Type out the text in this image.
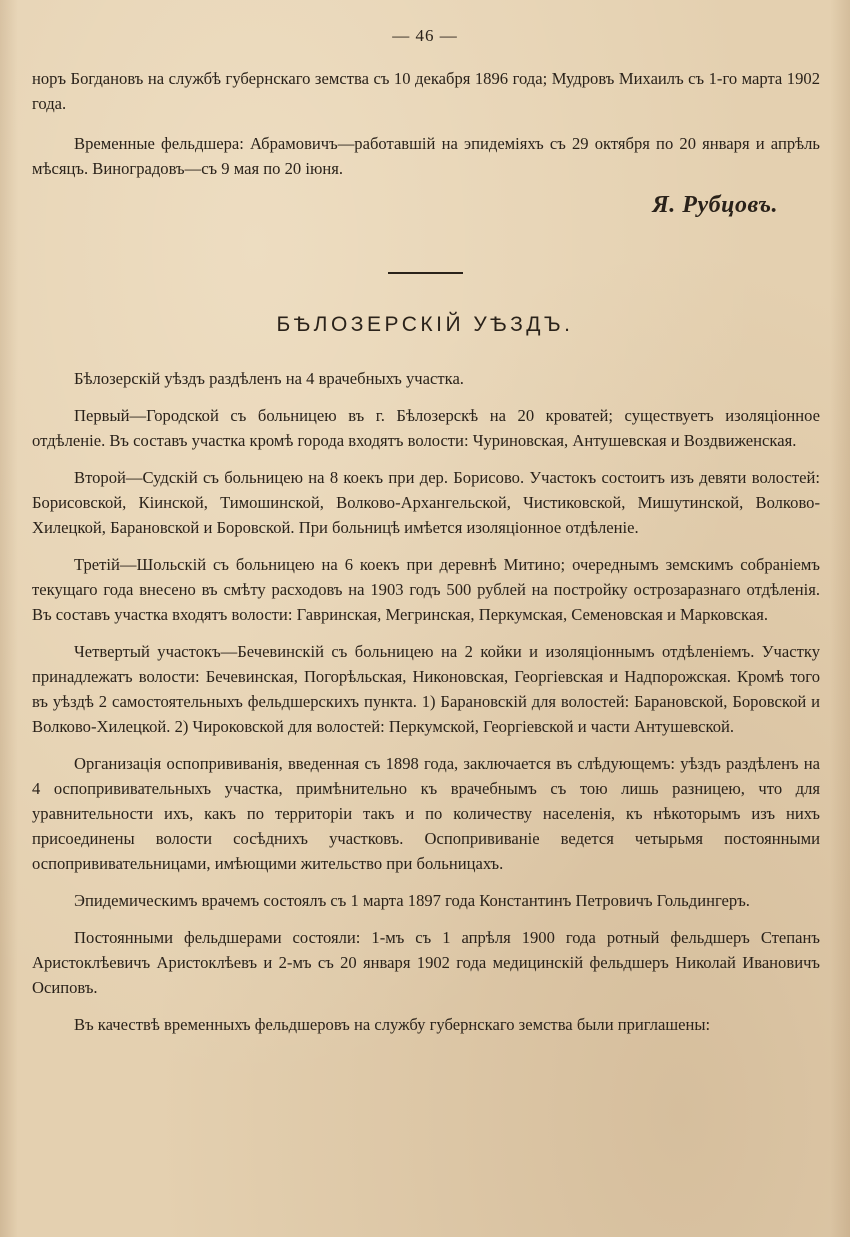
— 46 —

норъ Богдановъ на службѣ губернскаго земства съ 10 декабря 1896 года; Мудровъ Михаилъ съ 1-го марта 1902 года.

Временные фельдшера: Абрамовичъ—работавшій на эпидеміяхъ съ 29 октября по 20 января и апрѣль мѣсяцъ. Виноградовъ—съ 9 мая по 20 іюня.

Я. Рубцовъ.
БѢЛОЗЕРСКІЙ УѢЗДЪ.

Бѣлозерскій уѣздъ раздѣленъ на 4 врачебныхъ участка.

Первый—Городской съ больницею въ г. Бѣлозерскѣ на 20 кроватей; существуетъ изоляціонное отдѣленіе. Въ составъ участка кромѣ города входятъ волости: Чуриновская, Антушевская и Воздвиженская.

Второй—Судскій съ больницею на 8 коекъ при дер. Борисово. Участокъ состоитъ изъ девяти волостей: Борисовской, Кіинской, Тимошинской, Волково-Архангельской, Чистиковской, Мишутинской, Волково-Хилецкой, Барановской и Боровской. При больницѣ имѣется изоляціонное отдѣленіе.

Третій—Шольскій съ больницею на 6 коекъ при деревнѣ Митино; очереднымъ земскимъ собраніемъ текущаго года внесено въ смѣту расходовъ на 1903 годъ 500 рублей на постройку острозаразнаго отдѣленія. Въ составъ участка входятъ волости: Гавринская, Мегринская, Перкумская, Семеновская и Марковская.

Четвертый участокъ—Бечевинскій съ больницею на 2 койки и изоляціоннымъ отдѣленіемъ. Участку принадлежатъ волости: Бечевинская, Погорѣльская, Никоновская, Георгіевская и Надпорожская. Кромѣ того въ уѣздѣ 2 самостоятельныхъ фельдшерскихъ пункта. 1) Барановскій для волостей: Барановской, Боровской и Волково-Хилецкой. 2) Чироковской для волостей: Перкумской, Георгіевской и части Антушевской.

Организація оспопрививанія, введенная съ 1898 года, заключается въ слѣдующемъ: уѣздъ раздѣленъ на 4 оспопрививательныхъ участка, примѣнительно къ врачебнымъ съ тою лишь разницею, что для уравнительности ихъ, какъ по территоріи такъ и по количеству населенія, къ нѣкоторымъ изъ нихъ присоединены волости сосѣднихъ участковъ. Оспопрививаніе ведется четырьмя постоянными оспопрививательницами, имѣющими жительство при больницахъ.

Эпидемическимъ врачемъ состоялъ съ 1 марта 1897 года Константинъ Петровичъ Гольдингеръ.

Постоянными фельдшерами состояли: 1-мъ съ 1 апрѣля 1900 года ротный фельдшеръ Степанъ Аристоклѣевичъ Аристоклѣевъ и 2-мъ съ 20 января 1902 года медицинскій фельдшеръ Николай Ивановичъ Осиповъ.

Въ качествѣ временныхъ фельдшеровъ на службу губернскаго земства были приглашены:
